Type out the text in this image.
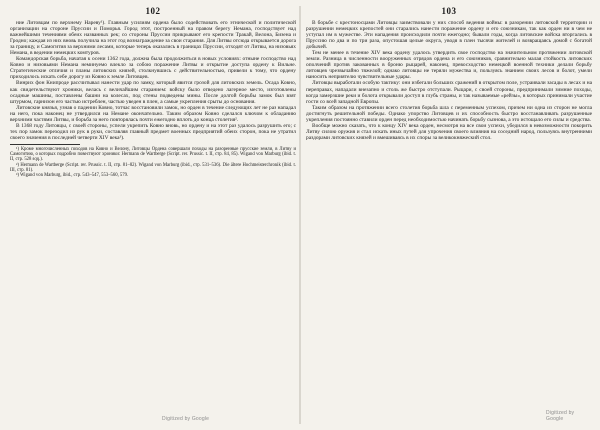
102

ние Литовцам по верхнему Нареву¹). Главным усилиям ордена было содействовать его этнической и политической организации на стороне Пруссии и Поморья. Город этот, построенный на правом берегу Немана, господствует над важнейшими течениями обеих названных рек; со стороны Пруссии прикрывают его крепости Тракай, Велона, Бизена и Гродно; каждая из них вновь получила на этот год вознаграждение за свои старания. Для Литвы отсюда открывается дорога за границу, и Самогития за верхними лесами, которые теперь оказались в границах Пруссии, отходят от Литвы, на низовьях Немана, в ведении немецких комтуров.

Командорская борьба, начатая к осени 1362 года, должна была продолжиться в новых условиях: отныне господство над Ковно и низовьями Немана неминуемо влекло за собою поражение Литвы и открытие доступа ордену к Вильне. Стратегические отличия и планы литовских князей, столкнувшись с действительностью, привели к тому, что ордену приходилось искать себе дорогу из Ковно к земле Литовцев.

Винрих фон Книпроде рассчитывал нанести удар по замку, который явится грозой для литовских земель. Осада Ковно, как свидетельствуют хроники, велась с величайшим старанием: войску было отведено лагерное место, изготовлены осадные машины, поставлены башни на колесах, под стены подведены мины. После долгой борьбы замок был взят штурмом, гарнизон его частью истреблен, частью уведен в плен, а самые укрепления срыты до основания.

Литовские князья, узнав о падении Ковно, тотчас восстановили замок, но орден в течение следующих лет не раз нападал на него, пока наконец не утвердился на Немане окончательно. Таким образом Ковно сделался ключом к обладанию верхними частями Литвы, и борьба за него повторялась почти ежегодно вплоть до конца столетия².

В 1368 году Литовцы, с своей стороны, успели укрепить Ковно вновь, но ордену и на этот раз удалось разрушить его; с тех пор замок переходил из рук в руки, составляя главный предмет военных предприятий обеих сторон, пока не утратил своего значения в последней четверти XIV века³).

¹) Кроме многочисленных походов на Ковно и Велону, Литовцы Ордена совершали походы на разоренные прусские земли, в Литву и Самогитию, о которых подробно повествуют хроники: Hermann de Wartberge (Script. rer. Prussic. t. II, стр. 84, 85). Wigand von Marburg (ibid. t. II, стр. 528 sqq.).

²) Hermann de Wartberge (Script. rer. Prussic. t. II, стр. 81–82). Wigand von Marburg (ibid., стр. 531–536). Die ältere Hochmeisterchronik (ibid. t. III, стр. 81).

³) Wigand von Marburg, ibid., стр. 543–547, 553–560, 579.

Digitized by Google
103

В борьбе с крестоносцами Литовцы заимствовали у них способ ведения войны: в разорении литовской территории и разрушении немецких крепостей они старались нанести поражение ордену и его союзникам, так как орден ни в чем не уступал им в мужестве. Эти нападения происходили почти ежегодно; бывали годы, когда литовские войска вторгались в Пруссию по два и по три раза, опустошая целые округа, уводя в плен тысячи жителей и возвращаясь домой с богатой добычей.

Тем не менее в течение XIV века ордену удалось утвердить свое господство на значительном протяжении литовской земли. Разница в численности вооруженных отрядов ордена и его союзников, сравнительно малая стойкость литовских ополчений против закованных в броню рыцарей, наконец, превосходство немецкой военной техники делали борьбу литовцев чрезвычайно тяжелой; однако литовцы не теряли мужества и, пользуясь знанием своих лесов и болот, умели наносить неприятелю чувствительные удары.

Литовцы выработали особую тактику: они избегали больших сражений в открытом поле, устраивали засады в лесах и на переправах, нападали внезапно и столь же быстро отступали. Рыцари, с своей стороны, предпринимали зимние походы, когда замерзшие реки и болота открывали доступ в глубь страны, и так называемые «рейзы», в которых принимали участие гости со всей западной Европы.

Таким образом на протяжении всего столетия борьба шла с переменным успехом, причем ни одна из сторон не могла достигнуть решительной победы. Однако упорство Литовцев и их способность быстро восстанавливать разрушенные укрепления постоянно ставили орден перед необходимостью начинать борьбу сызнова, а это истощало его силы и средства.

Вообще можно сказать, что к концу XIV века орден, несмотря на все свои успехи, убедился в невозможности покорить Литву силою оружия и стал искать иных путей для упрочения своего влияния на соседний народ, пользуясь внутренними раздорами литовских князей и вмешиваясь в их споры за великокняжеский стол.

Digitized by Google
